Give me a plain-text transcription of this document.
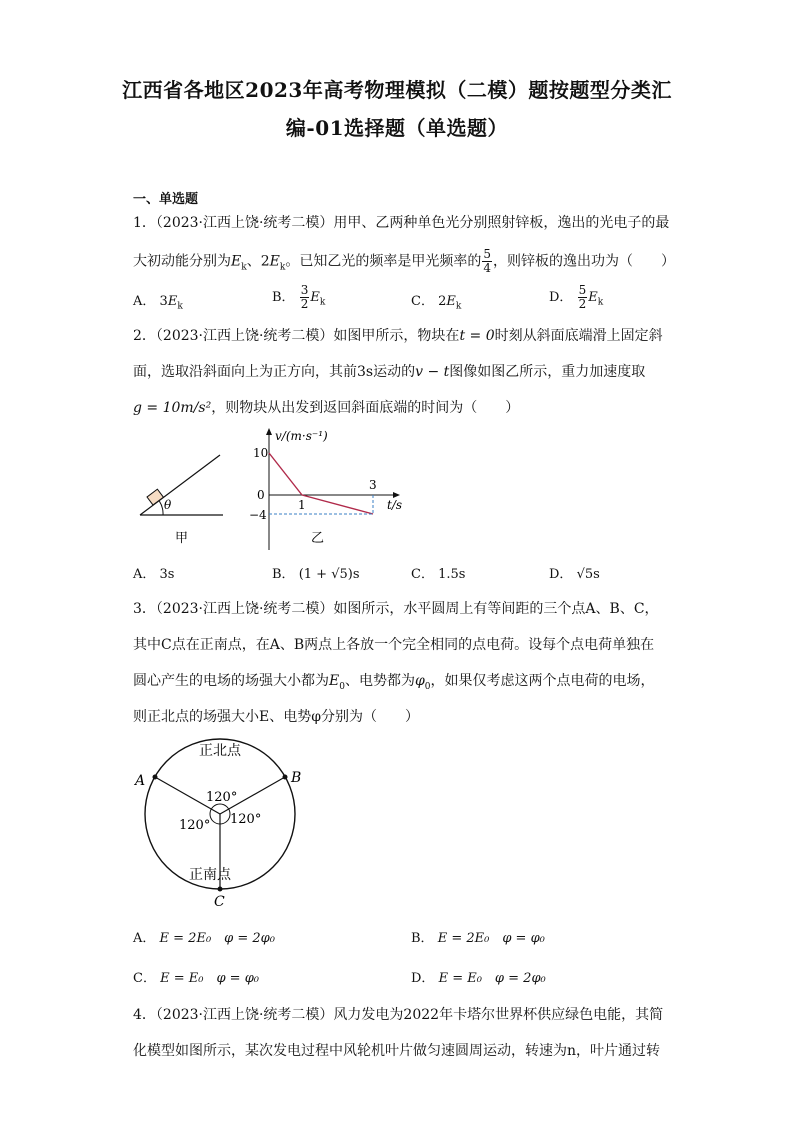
江西省各地区2023年高考物理模拟（二模）题按题型分类汇
编-01选择题（单选题）
一、单选题
1．（2023·江西上饶·统考二模）用甲、乙两种单色光分别照射锌板，逸出的光电子的最
大初动能分别为$E_k$、$2E_k$。已知乙光的频率是甲光频率的 $\frac{5}{4}$ ，则锌板的逸出功为（　　）
A． $3E_k$
B． $\frac{3}{2} E_k$	C． $2E_k$
D． $\frac{5}{2} E_k$
2．（2023·江西上饶·统考二模）如图甲所示，物块在t = 0时刻从斜面底端滑上固定斜
面，选取沿斜面向上为正方向，其前3s运动的v − t图像如图乙所示，重力加速度取
g = 10m/s²，则物块从出发到返回斜面底端的时间为（　　）
θ
甲
v/(m·s⁻¹)
10
0
−4
1
3
t/s
乙
A． 3s	B． (1 + √5)s	C． 1.5s	D． √5s
3．（2023·江西上饶·统考二模）如图所示，水平圆周上有等间距的三个点A、B、C，
其中C点在正南点，在A、B两点上各放一个完全相同的点电荷。设每个点电荷单独在
圆心产生的电场的场强大小都为$E_0$、电势都为$\varphi_0$，如果仅考虑这两个点电荷的电场，
则正北点的场强大小E、电势φ分别为（　　）
正北点
A	B
120°
120° 120°
正南点
C
A． E = 2E₀　φ = 2φ₀	B． E = 2E₀　φ = φ₀
C． E = E₀　φ = φ₀	D． E = E₀　φ = 2φ₀
4．（2023·江西上饶·统考二模）风力发电为2022年卡塔尔世界杯供应绿色电能，其简
化模型如图所示，某次发电过程中风轮机叶片做匀速圆周运动，转速为n，叶片通过转
